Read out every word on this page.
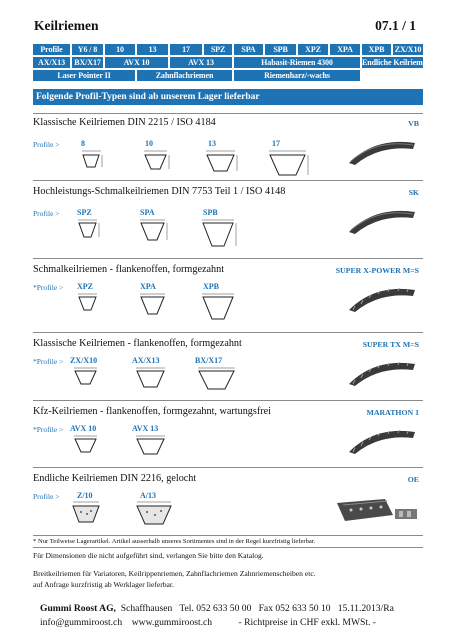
Keilriemen	07.1 / 1
Profile	Y6 / 8	10	13	17	SPZ	SPA	SPB	XPZ	XPA	XPB	ZX/X10
AX/X13	BX/X17	AVX 10	AVX 13	Habasit-Riemen 4300	Endliche Keilriemen
Laser Pointer II	Zahnflachriemen	Riemenharz/-wachs
Folgende Profil-Typen sind ab unserem Lager lieferbar
Klassische Keilriemen DIN 2215 / ISO 4184	VB
Profile >	8	10	13	17
Hochleistungs-Schmalkeilriemen DIN 7753 Teil 1 / ISO 4148	SK
Profile > SPZ	SPA	SPB
Schmalkeilriemen - flankenoffen, formgezahnt	SUPER X-POWER M=S
*Profile > XPZ	XPA	XPB
Klassische Keilriemen - flankenoffen, formgezahnt	SUPER TX M=S
*Profile > ZX/X10	AX/X13	BX/X17
Kfz-Keilriemen - flankenoffen, formgezahnt, wartungsfrei	MARATHON 1
*Profile > AVX 10	AVX 13
Endliche Keilriemen DIN 2216, gelocht	OE
Profile > Z/10	A/13
* Nur Teilweise Lagerartikel. Artikel ausserhalb unseres Sortimentes sind in der Regel kurzfristig lieferbar.
Für Dimensionen die nicht aufgeführt sind, verlangen Sie bitte den Katalog.
Breitkeilriemen für Variatoren, Keilrippenriemen, Zahnflachriemen Zahnriemenscheiben etc.
auf Anfrage kurzfristig ab Werklager lieferbar.
Gummi Roost AG, Schaffhausen Tel. 052 633 50 00 Fax 052 633 50 10 15.11.2013/Ra
info@gummiroost.ch www.gummiroost.ch	- Richtpreise in CHF exkl. MWSt. -
